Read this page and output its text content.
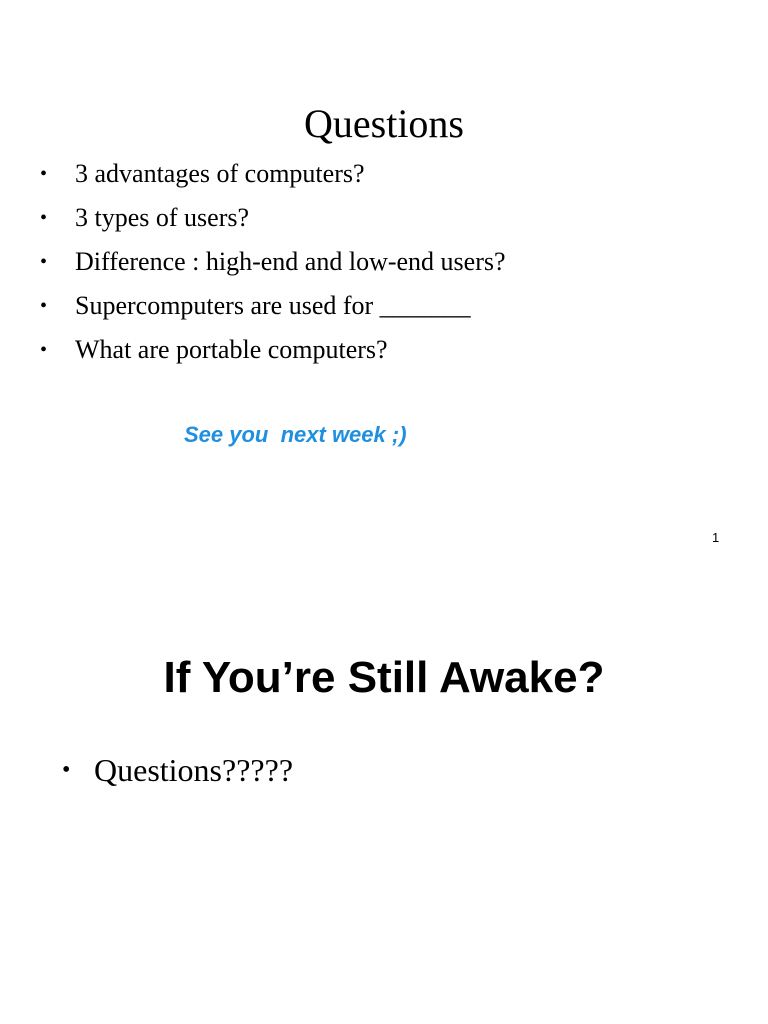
Questions
•	3 advantages of computers?
•	3 types of users?
•	Difference : high-end and low-end users?
•	Supercomputers are used for _______
•	What are portable computers?
See you  next week ;)
1
If You’re Still Awake?
• Questions?????
